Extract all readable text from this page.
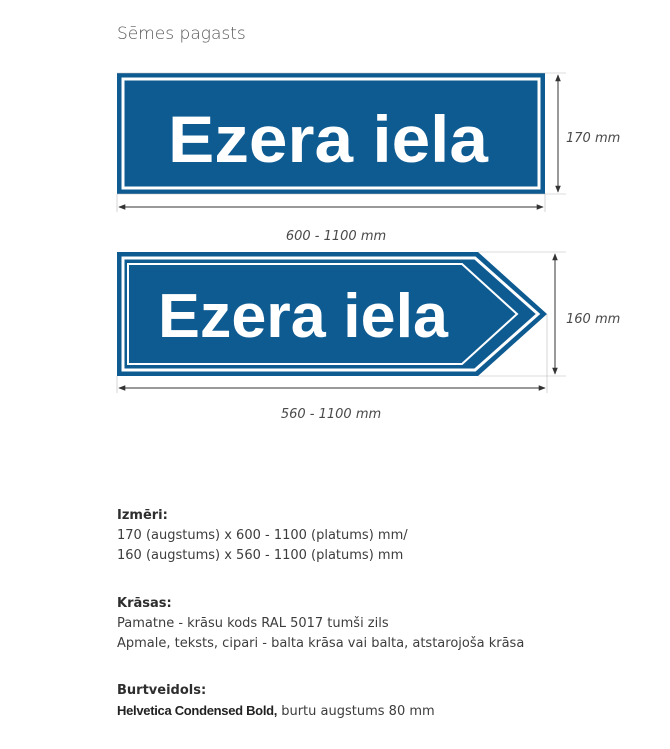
Sēmes pagasts
Ezera iela	170 mm
600 - 1100 mm
Ezera iela	160 mm
560 - 1100 mm
Izmēri:
170 (augstums) x 600 - 1100 (platums) mm/
160 (augstums) x 560 - 1100 (platums) mm
Krāsas:
Pamatne - krāsu kods RAL 5017 tumši zils
Apmale, teksts, cipari - balta krāsa vai balta, atstarojoša krāsa
Burtveidols:
Helvetica Condensed Bold, burtu augstums 80 mm
